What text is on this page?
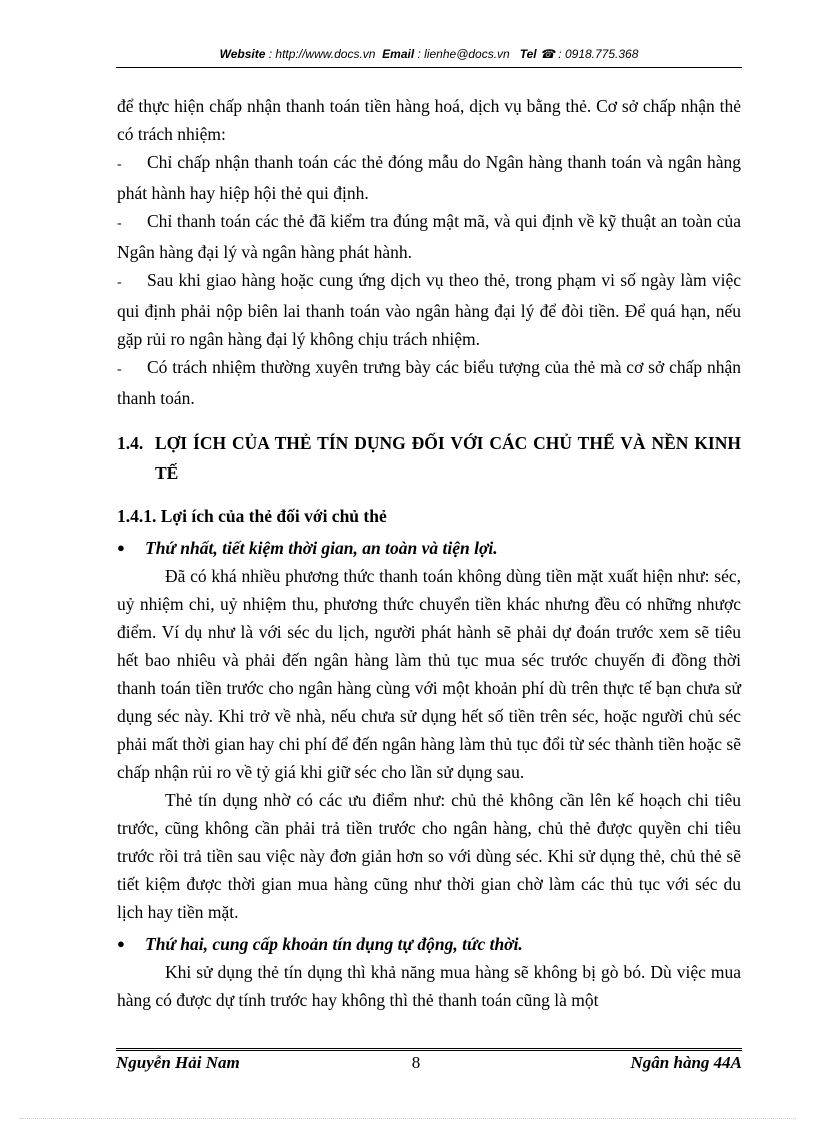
Website : http://www.docs.vn Email : lienhe@docs.vn Tel ☎ : 0918.775.368

để thực hiện chấp nhận thanh toán tiền hàng hoá, dịch vụ bằng thẻ. Cơ sở chấp nhận thẻ có trách nhiệm:

- Chỉ chấp nhận thanh toán các thẻ đóng mẫu do Ngân hàng thanh toán và ngân hàng phát hành hay hiệp hội thẻ qui định.

- Chỉ thanh toán các thẻ đã kiểm tra đúng mật mã, và qui định về kỹ thuật an toàn của Ngân hàng đại lý và ngân hàng phát hành.

- Sau khi giao hàng hoặc cung ứng dịch vụ theo thẻ, trong phạm vi số ngày làm việc qui định phải nộp biên lai thanh toán vào ngân hàng đại lý để đòi tiền. Để quá hạn, nếu gặp rủi ro ngân hàng đại lý không chịu trách nhiệm.

- Có trách nhiệm thường xuyên trưng bày các biểu tượng của thẻ mà cơ sở chấp nhận thanh toán.

1.4. LỢI ÍCH CỦA THẺ TÍN DỤNG ĐỐI VỚI CÁC CHỦ THỂ VÀ NỀN KINH TẾ
1.4.1. Lợi ích của thẻ đối với chủ thẻ
●	Thứ nhất, tiết kiệm thời gian, an toàn và tiện lợi.

Đã có khá nhiều phương thức thanh toán không dùng tiền mặt xuất hiện như: séc, uỷ nhiệm chi, uỷ nhiệm thu, phương thức chuyển tiền khác nhưng đều có những nhược điểm. Ví dụ như là với séc du lịch, người phát hành sẽ phải dự đoán trước xem sẽ tiêu hết bao nhiêu và phải đến ngân hàng làm thủ tục mua séc trước chuyến đi đồng thời thanh toán tiền trước cho ngân hàng cùng với một khoản phí dù trên thực tế bạn chưa sử dụng séc này. Khi trở về nhà, nếu chưa sử dụng hết số tiền trên séc, hoặc người chủ séc phải mất thời gian hay chi phí để đến ngân hàng làm thủ tục đổi từ séc thành tiền hoặc sẽ chấp nhận rủi ro về tỷ giá khi giữ séc cho lần sử dụng sau.

Thẻ tín dụng nhờ có các ưu điểm như: chủ thẻ không cần lên kế hoạch chi tiêu trước, cũng không cần phải trả tiền trước cho ngân hàng, chủ thẻ được quyền chi tiêu trước rồi trả tiền sau việc này đơn giản hơn so với dùng séc. Khi sử dụng thẻ, chủ thẻ sẽ tiết kiệm được thời gian mua hàng cũng như thời gian chờ làm các thủ tục với séc du lịch hay tiền mặt.

●	Thứ hai, cung cấp khoản tín dụng tự động, tức thời.

Khi sử dụng thẻ tín dụng thì khả năng mua hàng sẽ không bị gò bó. Dù việc mua hàng có được dự tính trước hay không thì thẻ thanh toán cũng là một

Nguyễn Hải Nam	8	Ngân hàng 44A
